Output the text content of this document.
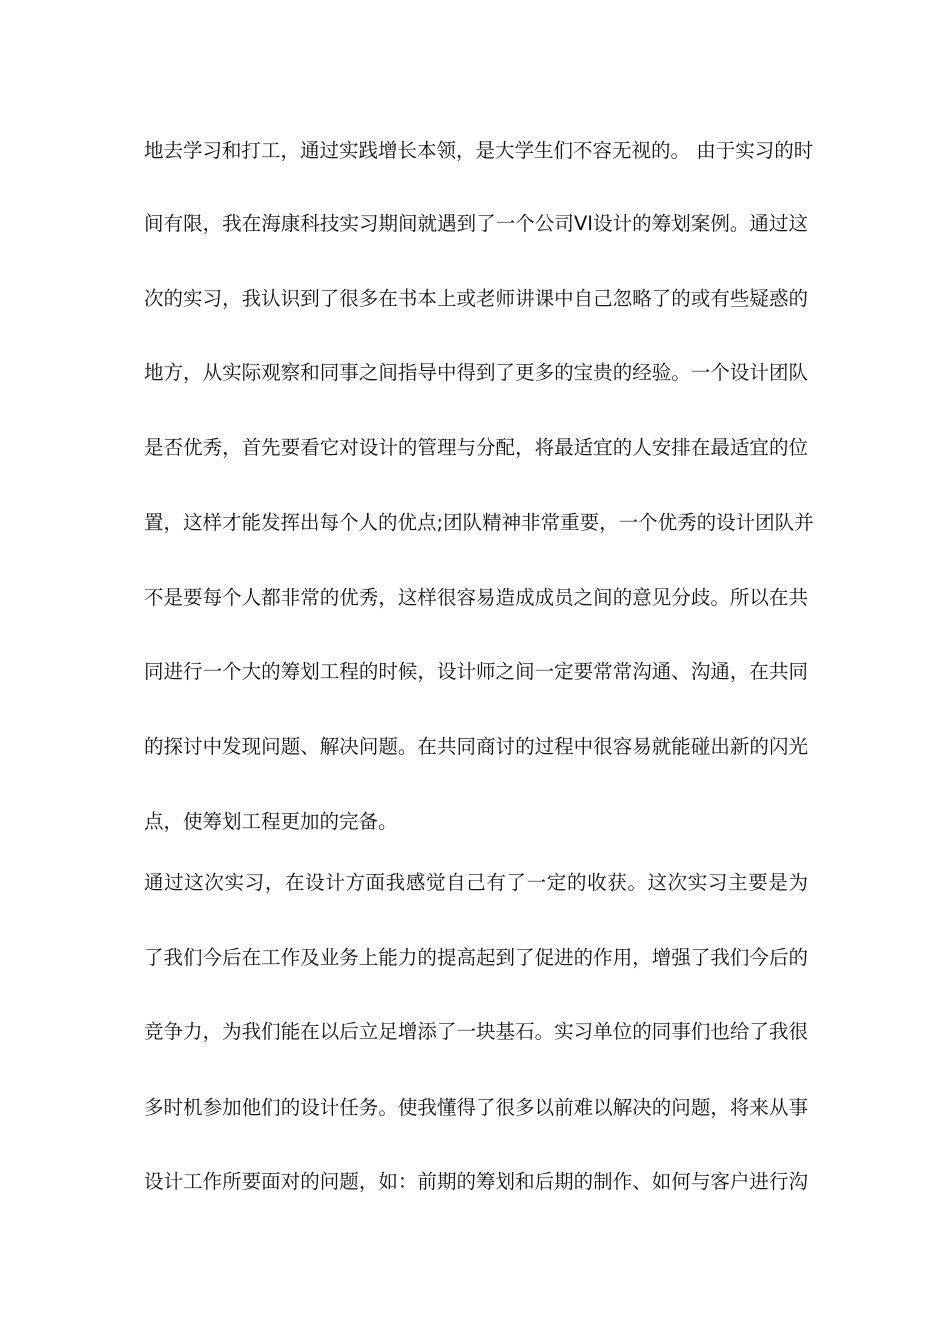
地去学习和打工，通过实践增长本领，是大学生们不容无视的。 由于实习的时
间有限，我在海康科技实习期间就遇到了一个公司VI设计的筹划案例。通过这
次的实习，我认识到了很多在书本上或老师讲课中自己忽略了的或有些疑惑的
地方，从实际观察和同事之间指导中得到了更多的宝贵的经验。一个设计团队
是否优秀，首先要看它对设计的管理与分配，将最适宜的人安排在最适宜的位
置，这样才能发挥出每个人的优点;团队精神非常重要，一个优秀的设计团队并
不是要每个人都非常的优秀，这样很容易造成成员之间的意见分歧。所以在共
同进行一个大的筹划工程的时候，设计师之间一定要常常沟通、沟通，在共同
的探讨中发现问题、解决问题。在共同商讨的过程中很容易就能碰出新的闪光
点，使筹划工程更加的完备。
通过这次实习，在设计方面我感觉自己有了一定的收获。这次实习主要是为
了我们今后在工作及业务上能力的提高起到了促进的作用，增强了我们今后的
竞争力，为我们能在以后立足增添了一块基石。实习单位的同事们也给了我很
多时机参加他们的设计任务。使我懂得了很多以前难以解决的问题，将来从事
设计工作所要面对的问题，如：前期的筹划和后期的制作、如何与客户进行沟
